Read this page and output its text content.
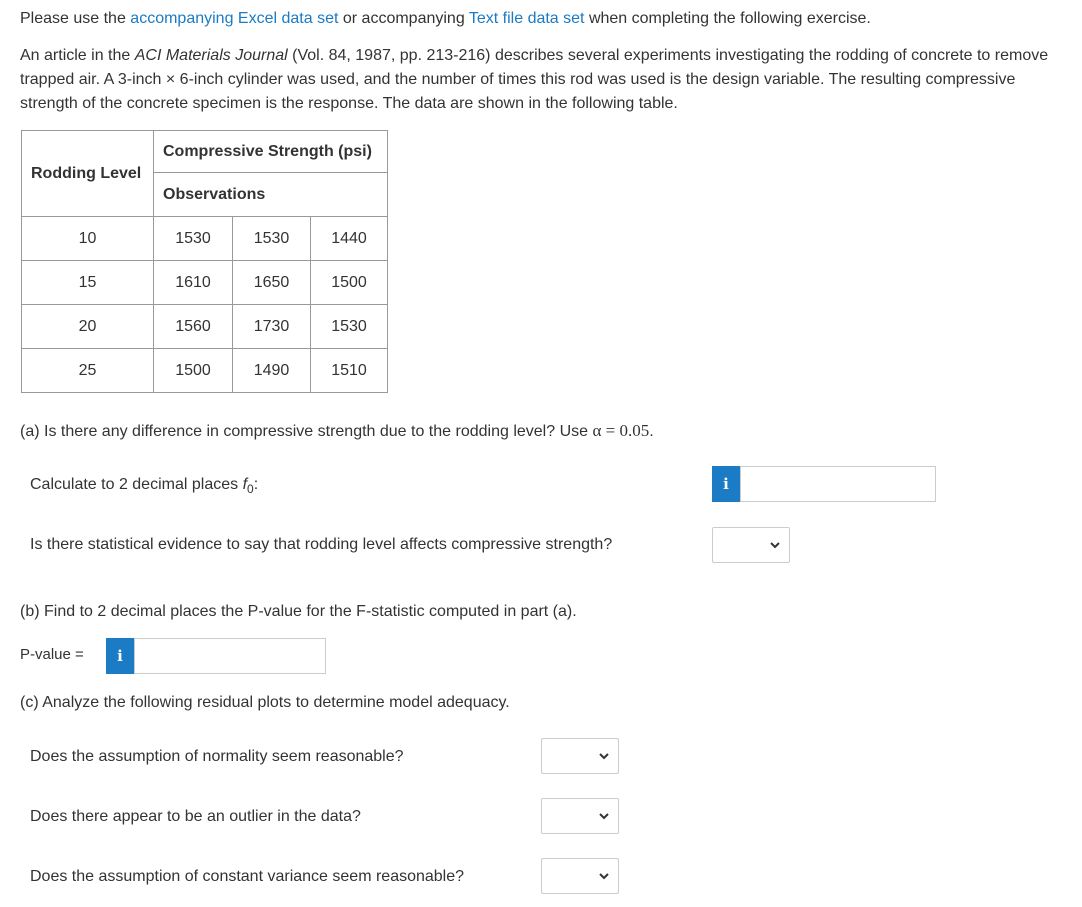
Please use the accompanying Excel data set or accompanying Text file data set when completing the following exercise.

An article in the ACI Materials Journal (Vol. 84, 1987, pp. 213-216) describes several experiments investigating the rodding of concrete to remove trapped air. A 3-inch × 6-inch cylinder was used, and the number of times this rod was used is the design variable. The resulting compressive strength of the concrete specimen is the response. The data are shown in the following table.

Rodding Level	Compressive Strength (psi)
	Observations
10	1530 1530 1440

15	1610 1650 1500

20	1560 1730 1530

25	1500 1490 1510

(a) Is there any difference in compressive strength due to the rodding level? Use α = 0.05.

Calculate to 2 decimal places $f_0$:	i

Is there statistical evidence to say that rodding level affects compressive strength?

(b) Find to 2 decimal places the P-value for the F-statistic computed in part (a).

P-value = i

(c) Analyze the following residual plots to determine model adequacy.

Does the assumption of normality seem reasonable?

Does there appear to be an outlier in the data?

Does the assumption of constant variance seem reasonable?
